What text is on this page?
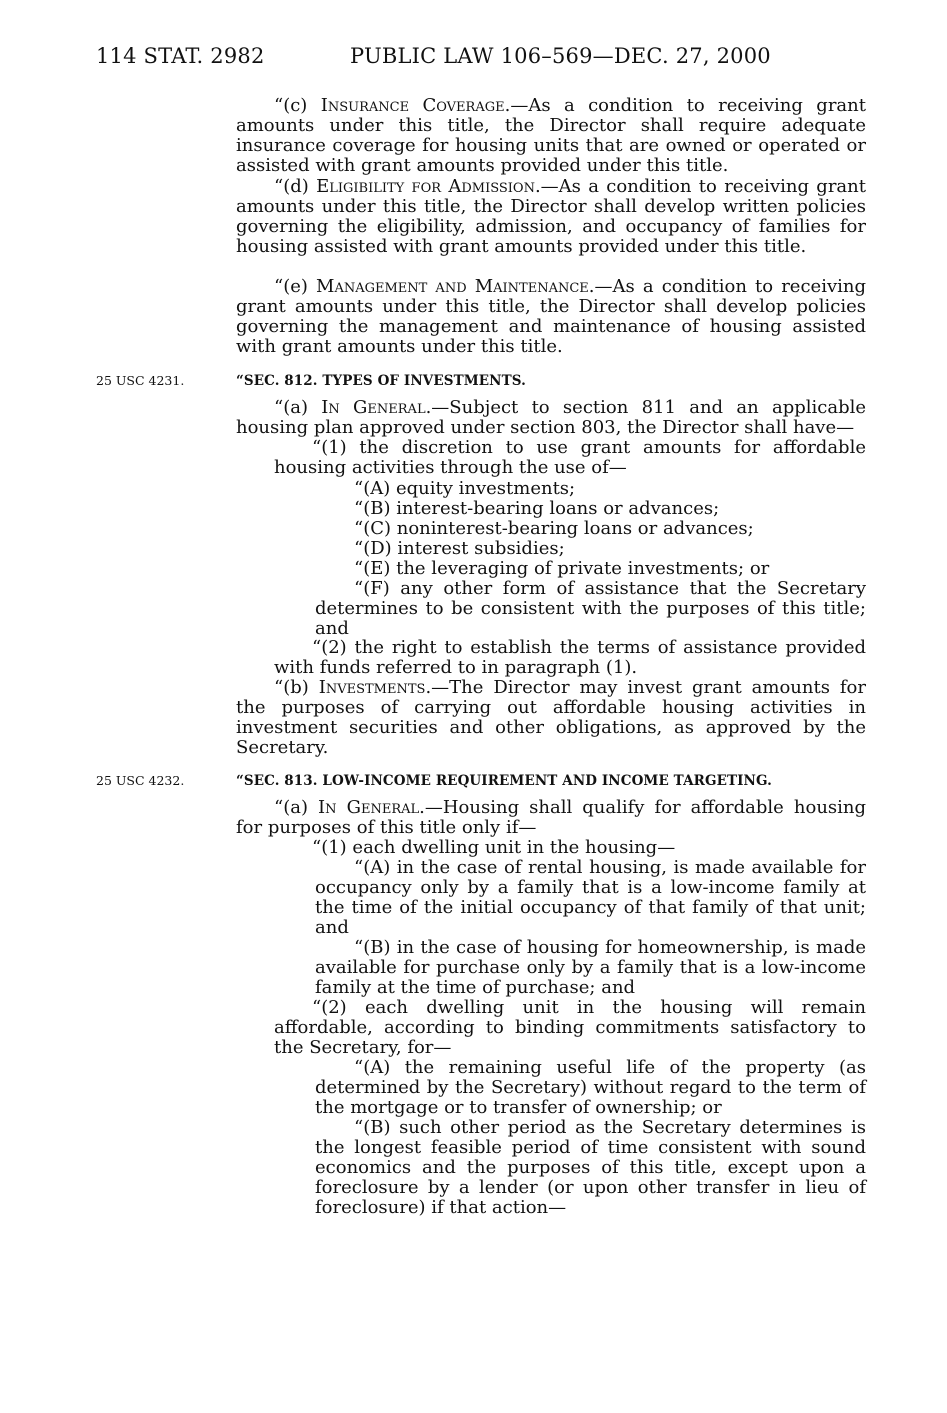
114 STAT. 2982	PUBLIC LAW 106–569—DEC. 27, 2000

“(c) Insurance Coverage.—As a condition to receiving grant amounts under this title, the Director shall require adequate insurance coverage for housing units that are owned or operated or assisted with grant amounts provided under this title.

“(d) Eligibility for Admission.—As a condition to receiving grant amounts under this title, the Director shall develop written policies governing the eligibility, admission, and occupancy of families for housing assisted with grant amounts provided under this title.

“(e) Management and Maintenance.—As a condition to receiving grant amounts under this title, the Director shall develop policies governing the management and maintenance of housing assisted with grant amounts under this title.

25 USC 4231.	“SEC. 812. TYPES OF INVESTMENTS.

“(a) In General.—Subject to section 811 and an applicable housing plan approved under section 803, the Director shall have—

“(1) the discretion to use grant amounts for affordable housing activities through the use of—

“(A) equity investments;

“(B) interest-bearing loans or advances;

“(C) noninterest-bearing loans or advances;

“(D) interest subsidies;

“(E) the leveraging of private investments; or

“(F) any other form of assistance that the Secretary determines to be consistent with the purposes of this title; and

“(2) the right to establish the terms of assistance provided with funds referred to in paragraph (1).

“(b) Investments.—The Director may invest grant amounts for the purposes of carrying out affordable housing activities in investment securities and other obligations, as approved by the Secretary.

25 USC 4232.	“SEC. 813. LOW-INCOME REQUIREMENT AND INCOME TARGETING.

“(a) In General.—Housing shall qualify for affordable housing for purposes of this title only if—

“(1) each dwelling unit in the housing—

“(A) in the case of rental housing, is made available for occupancy only by a family that is a low-income family at the time of the initial occupancy of that family of that unit; and

“(B) in the case of housing for homeownership, is made available for purchase only by a family that is a low-income family at the time of purchase; and

“(2) each dwelling unit in the housing will remain affordable, according to binding commitments satisfactory to the Secretary, for—

“(A) the remaining useful life of the property (as determined by the Secretary) without regard to the term of the mortgage or to transfer of ownership; or

“(B) such other period as the Secretary determines is the longest feasible period of time consistent with sound economics and the purposes of this title, except upon a foreclosure by a lender (or upon other transfer in lieu of foreclosure) if that action—
